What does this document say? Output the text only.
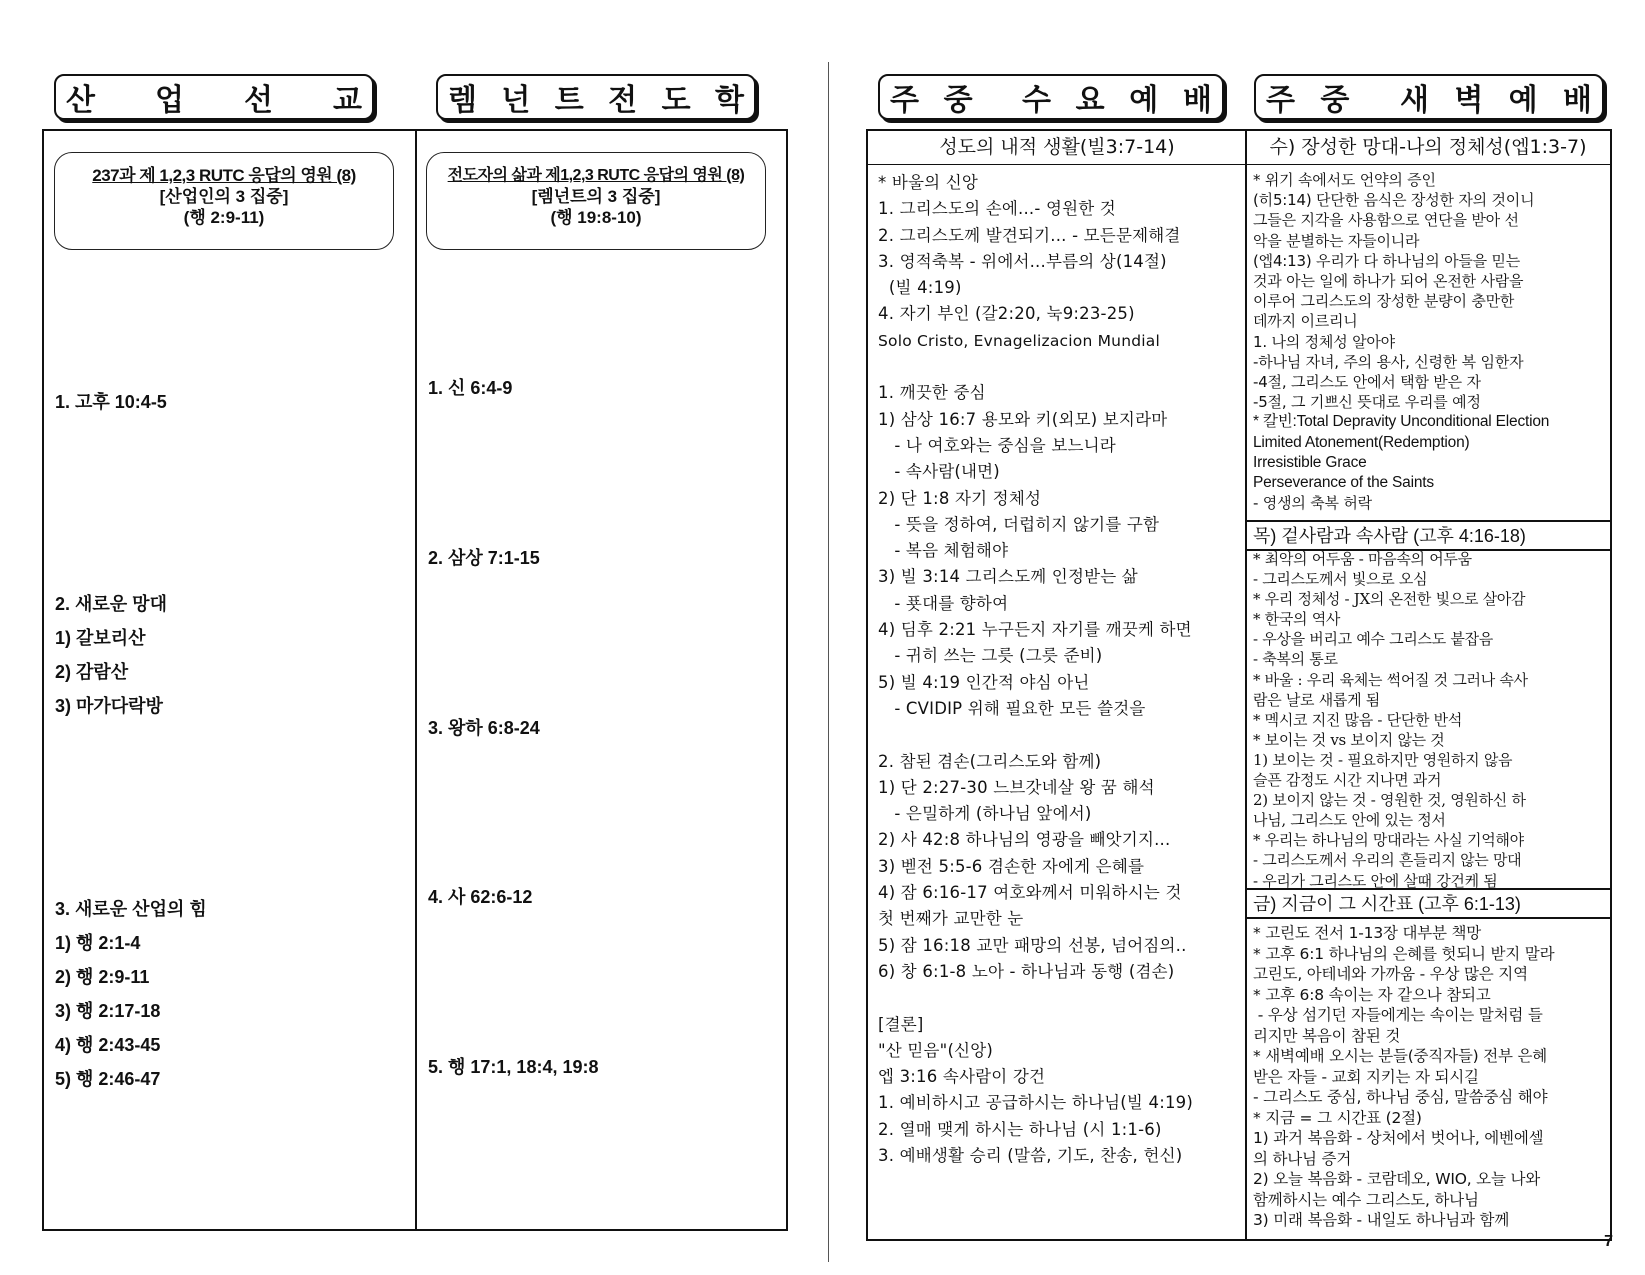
산 업 선 교	렘 넌 트 전 도 학	주 중 수 요 예 배 주 중 새 벽 예 배
237과 제 1,2,3 RUTC 응답의 영원 (8)
[산업인의 3 집중]
(행 2:9-11)
전도자의 삶과 제1,2,3 RUTC 응답의 영원 (8)
[렘넌트의 3 집중]
(행 19:8-10)
1. 고후 10:4-5
2. 새로운 망대
1) 갈보리산
2) 감람산
3) 마가다락방
3. 새로운 산업의 힘
1) 행 2:1-4
2) 행 2:9-11
3) 행 2:17-18
4) 행 2:43-45
5) 행 2:46-47
1. 신 6:4-9
2. 삼상 7:1-15
3. 왕하 6:8-24
4. 사 62:6-12
5. 행 17:1, 18:4, 19:8
성도의 내적 생활(빌3:7-14)	수) 장성한 망대-나의 정체성(엡1:3-7)
* 바울의 신앙
1. 그리스도의 손에...- 영원한 것
2. 그리스도께 발견되기... - 모든문제해결
3. 영적축복 - 위에서...부름의 상(14절)
(빌 4:19)
4. 자기 부인 (갈2:20, 눅9:23-25)
Solo Cristo, Evnagelizacion Mundial

1. 깨끗한 중심
1) 삼상 16:7 용모와 키(외모) 보지라마
- 나 여호와는 중심을 보느니라
- 속사람(내면)
2) 단 1:8 자기 정체성
- 뜻을 정하여, 더럽히지 않기를 구함
- 복음 체험해야
3) 빌 3:14 그리스도께 인정받는 삶
- 푯대를 향하여
4) 딤후 2:21 누구든지 자기를 깨끗케 하면
- 귀히 쓰는 그릇 (그릇 준비)
5) 빌 4:19 인간적 야심 아닌
- CVIDIP 위해 필요한 모든 쓸것을

2. 참된 겸손(그리스도와 함께)
1) 단 2:27-30 느브갓네살 왕 꿈 해석
- 은밀하게 (하나님 앞에서)
2) 사 42:8 하나님의 영광을 빼앗기지...
3) 벧전 5:5-6 겸손한 자에게 은혜를
4) 잠 6:16-17 여호와께서 미워하시는 것
첫 번째가 교만한 눈
5) 잠 16:18 교만 패망의 선봉, 넘어짐의..
6) 창 6:1-8 노아 - 하나님과 동행 (겸손)

[결론]
"산 믿음"(신앙)
엡 3:16 속사람이 강건
1. 예비하시고 공급하시는 하나님(빌 4:19)
2. 열매 맺게 하시는 하나님 (시 1:1-6)
3. 예배생활 승리 (말씀, 기도, 찬송, 헌신)
* 위기 속에서도 언약의 증인
(히5:14) 단단한 음식은 장성한 자의 것이니
그들은 지각을 사용함으로 연단을 받아 선
악을 분별하는 자들이니라
(엡4:13) 우리가 다 하나님의 아들을 믿는
것과 아는 일에 하나가 되어 온전한 사람을
이루어 그리스도의 장성한 분량이 충만한
데까지 이르리니
1. 나의 정체성 알아야
-하나님 자녀, 주의 용사, 신령한 복 임한자
-4절, 그리스도 안에서 택함 받은 자
-5절, 그 기쁘신 뜻대로 우리를 예정
* 칼빈:Total Depravity Unconditional Election
Limited Atonement(Redemption)
Irresistible Grace
Perseverance of the Saints
- 영생의 축복 허락
목) 겉사람과 속사람 (고후 4:16-18)
* 최악의 어두움 - 마음속의 어두움
- 그리스도께서 빛으로 오심
* 우리 정체성 - JX의 온전한 빛으로 살아감
* 한국의 역사
- 우상을 버리고 예수 그리스도 붙잡음
- 축복의 통로
* 바울 : 우리 육체는 썩어질 것 그러나 속사
람은 날로 새롭게 됨
* 멕시코 지진 많음 - 단단한 반석
* 보이는 것 vs 보이지 않는 것
1) 보이는 것 - 필요하지만 영원하지 않음
슬픈 감정도 시간 지나면 과거
2) 보이지 않는 것 - 영원한 것, 영원하신 하
나님, 그리스도 안에 있는 정서
* 우리는 하나님의 망대라는 사실 기억해야
- 그리스도께서 우리의 흔들리지 않는 망대
- 우리가 그리스도 안에 살때 강건케 됨
금) 지금이 그 시간표 (고후 6:1-13)
* 고린도 전서 1-13장 대부분 책망
* 고후 6:1 하나님의 은혜를 헛되니 받지 말라
고린도, 아테네와 가까움 - 우상 많은 지역
* 고후 6:8 속이는 자 같으나 참되고
- 우상 섬기던 자들에게는 속이는 말처럼 들
리지만 복음이 참된 것
* 새벽예배 오시는 분들(중직자들) 전부 은혜
받은 자들 - 교회 지키는 자 되시길
- 그리스도 중심, 하나님 중심, 말씀중심 해야
* 지금 = 그 시간표 (2절)
1) 과거 복음화 - 상처에서 벗어나, 에벤에셀
의 하나님 증거
2) 오늘 복음화 - 코람데오, WIO, 오늘 나와
함께하시는 예수 그리스도, 하나님
3) 미래 복음화 - 내일도 하나님과 함께
7
